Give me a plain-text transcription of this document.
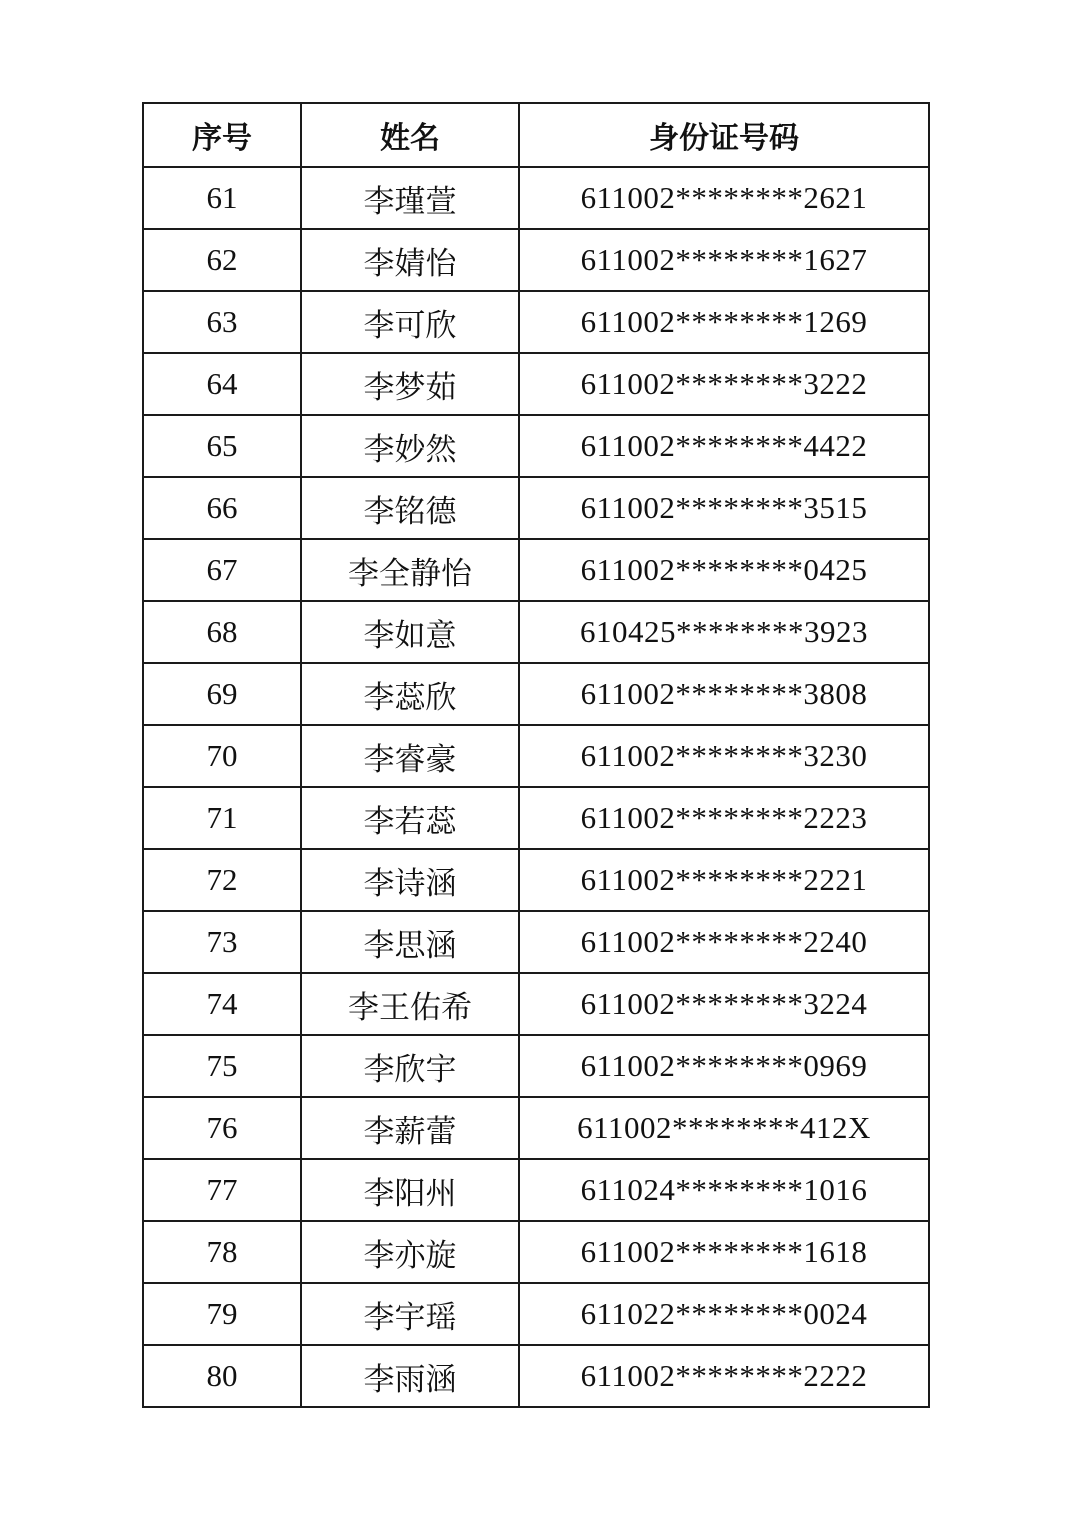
序号	姓名	身份证号码
61	李瑾萱	611002********2621
62	李婧怡	611002********1627
63	李可欣	611002********1269
64	李梦茹	611002********3222
65	李妙然	611002********4422
66	李铭德	611002********3515
67	李全静怡	611002********0425
68	李如意	610425********3923
69	李蕊欣	611002********3808
70	李睿豪	611002********3230
71	李若蕊	611002********2223
72	李诗涵	611002********2221
73	李思涵	611002********2240
74	李王佑希	611002********3224
75	李欣宇	611002********0969
76	李薪蕾	611002********412X
77	李阳州	611024********1016
78	李亦旋	611002********1618
79	李宇瑶	611022********0024
80	李雨涵	611002********2222
